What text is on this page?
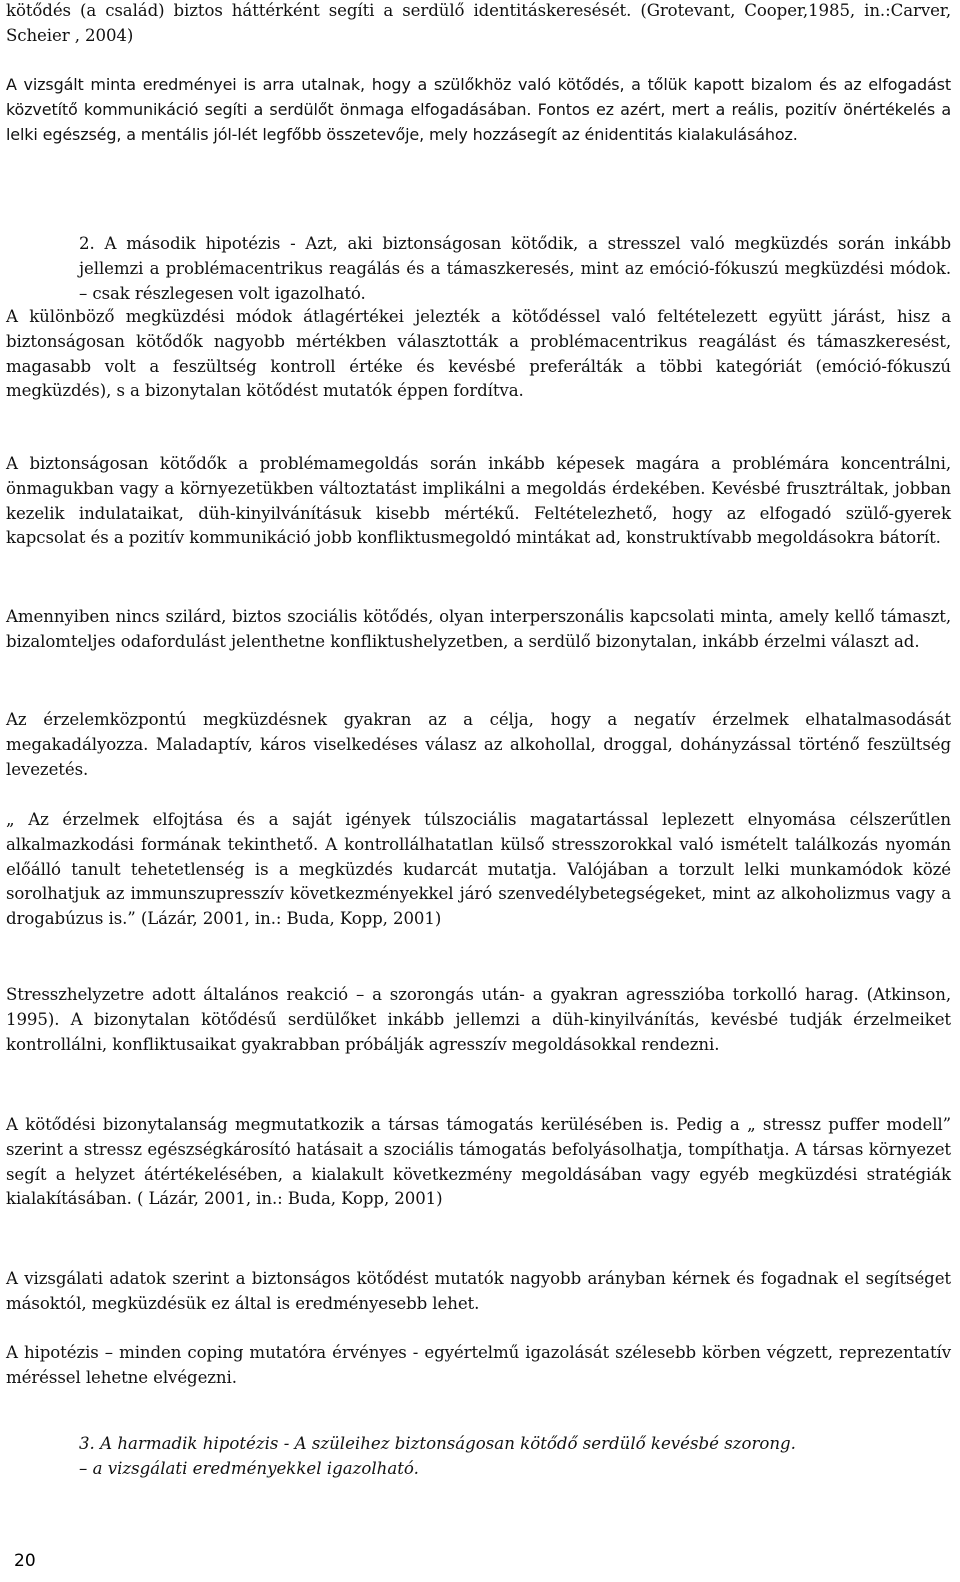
kötődés (a család) biztos háttérként segíti a serdülő identitáskeresését. (Grotevant, Cooper,1985, in.:Carver, Scheier , 2004)

A vizsgált minta eredményei is arra utalnak, hogy a szülőkhöz való kötődés, a tőlük kapott bizalom és az elfogadást közvetítő kommunikáció segíti a serdülőt önmaga elfogadásában. Fontos ez azért, mert a reális, pozitív önértékelés a lelki egészség, a mentális jól-lét legfőbb összetevője, mely hozzásegít az énidentitás kialakulásához.

2. A második hipotézis - Azt, aki biztonságosan kötődik, a stresszel való megküzdés során inkább jellemzi a problémacentrikus reagálás és a támaszkeresés, mint az emóció-fókuszú megküzdési módok. – csak részlegesen volt igazolható.

A különböző megküzdési módok átlagértékei jelezték a kötődéssel való feltételezett együtt járást, hisz a biztonságosan kötődők nagyobb mértékben választották a problémacentrikus reagálást és támaszkeresést, magasabb volt a feszültség kontroll értéke és kevésbé preferálták a többi kategóriát (emóció-fókuszú megküzdés), s a bizonytalan kötődést mutatók éppen fordítva.

A biztonságosan kötődők a problémamegoldás során inkább képesek magára a problémára koncentrálni, önmagukban vagy a környezetükben változtatást implikálni a megoldás érdekében. Kevésbé frusztráltak, jobban kezelik indulataikat, düh-kinyilvánításuk kisebb mértékű. Feltételezhető, hogy az elfogadó szülő-gyerek kapcsolat és a pozitív kommunikáció jobb konfliktusmegoldó mintákat ad, konstruktívabb megoldásokra bátorít.

Amennyiben nincs szilárd, biztos szociális kötődés, olyan interperszonális kapcsolati minta, amely kellő támaszt, bizalomteljes odafordulást jelenthetne konfliktushelyzetben, a serdülő bizonytalan, inkább érzelmi választ ad.

Az érzelemközpontú megküzdésnek gyakran az a célja, hogy a negatív érzelmek elhatalmasodását megakadályozza. Maladaptív, káros viselkedéses válasz az alkohollal, droggal, dohányzással történő feszültség levezetés.

„ Az érzelmek elfojtása és a saját igények túlszociális magatartással leplezett elnyomása célszerűtlen alkalmazkodási formának tekinthető. A kontrollálhatatlan külső stresszorokkal való ismételt találkozás nyomán előálló tanult tehetetlenség is a megküzdés kudarcát mutatja. Valójában a torzult lelki munkamódok közé sorolhatjuk az immunszupresszív következményekkel járó szenvedélybetegségeket, mint az alkoholizmus vagy a drogabúzus is.” (Lázár, 2001, in.: Buda, Kopp, 2001)

Stresszhelyzetre adott általános reakció – a szorongás után- a gyakran agresszióba torkolló harag. (Atkinson, 1995). A bizonytalan kötődésű serdülőket inkább jellemzi a düh-kinyilvánítás, kevésbé tudják érzelmeiket kontrollálni, konfliktusaikat gyakrabban próbálják agresszív megoldásokkal rendezni.

A kötődési bizonytalanság megmutatkozik a társas támogatás kerülésében is. Pedig a „ stressz puffer modell” szerint a stressz egészségkárosító hatásait a szociális támogatás befolyásolhatja, tompíthatja. A társas környezet segít a helyzet átértékelésében, a kialakult következmény megoldásában vagy egyéb megküzdési stratégiák kialakításában. ( Lázár, 2001, in.: Buda, Kopp, 2001)

A vizsgálati adatok szerint a biztonságos kötődést mutatók nagyobb arányban kérnek és fogadnak el segítséget másoktól, megküzdésük ez által is eredményesebb lehet.

A hipotézis – minden coping mutatóra érvényes - egyértelmű igazolását szélesebb körben végzett, reprezentatív méréssel lehetne elvégezni.

3. A harmadik hipotézis - A szüleihez biztonságosan kötődő serdülő kevésbé szorong.

– a vizsgálati eredményekkel igazolható.

20
